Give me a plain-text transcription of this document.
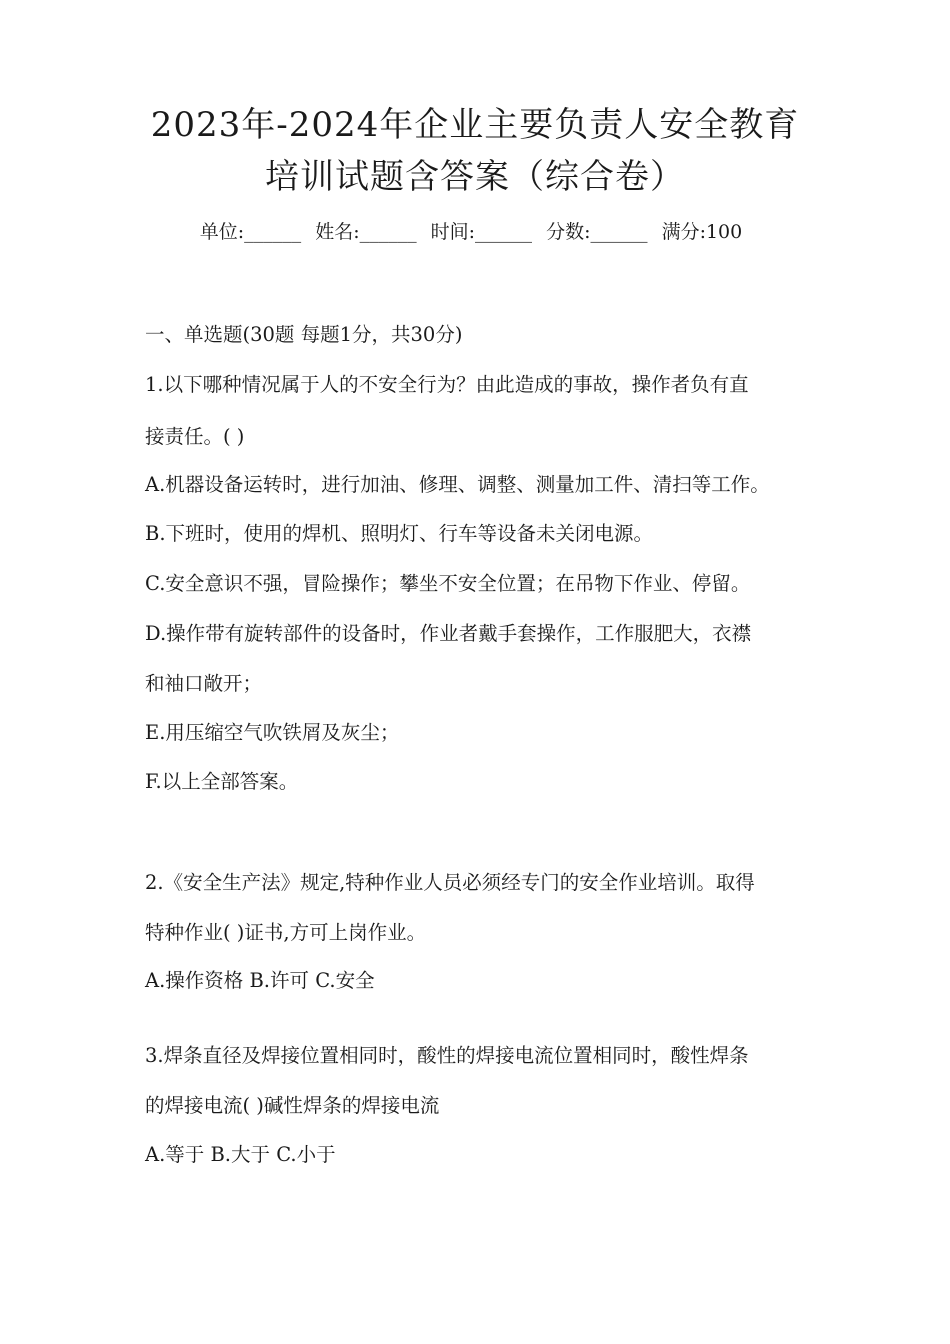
2023年-2024年企业主要负责人安全教育
培训试题含答案（综合卷）
单位:______ 姓名:______ 时间:______ 分数:______ 满分:100
一、单选题(30题 每题1分，共30分)
1.以下哪种情况属于人的不安全行为？由此造成的事故，操作者负有直
接责任。( )
A.机器设备运转时，进行加油、修理、调整、测量加工件、清扫等工作。
B.下班时，使用的焊机、照明灯、行车等设备未关闭电源。
C.安全意识不强，冒险操作；攀坐不安全位置；在吊物下作业、停留。
D.操作带有旋转部件的设备时，作业者戴手套操作，工作服肥大，衣襟
和袖口敞开；
E.用压缩空气吹铁屑及灰尘；
F.以上全部答案。
2.《安全生产法》规定,特种作业人员必须经专门的安全作业培训。取得
特种作业( )证书,方可上岗作业。
A.操作资格 B.许可 C.安全
3.焊条直径及焊接位置相同时，酸性的焊接电流位置相同时，酸性焊条
的焊接电流( )碱性焊条的焊接电流
A.等于 B.大于 C.小于
